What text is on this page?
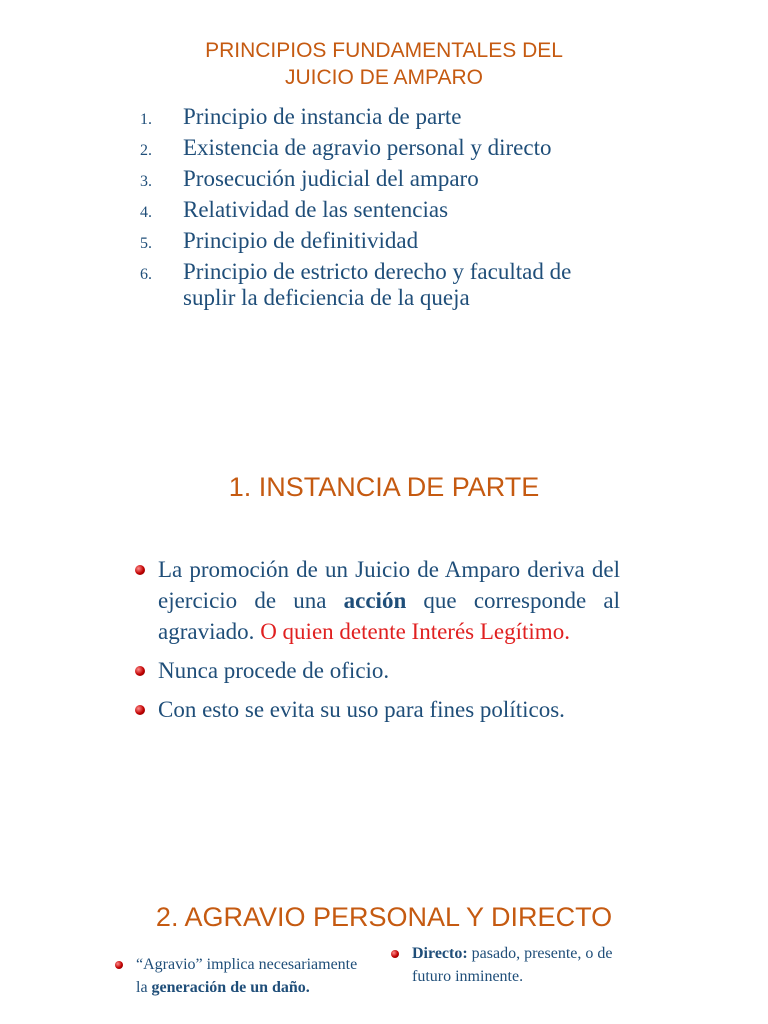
PRINCIPIOS FUNDAMENTALES DEL
JUICIO DE AMPARO
1. Principio de instancia de parte
2. Existencia de agravio personal y directo
3. Prosecución judicial del amparo
4. Relatividad de las sentencias
5. Principio de definitividad
6. Principio de estricto derecho y facultad de suplir la deficiencia de la queja
1. INSTANCIA DE PARTE
La promoción de un Juicio de Amparo deriva del ejercicio de una acción que corresponde al agraviado. O quien detente Interés Legítimo.
Nunca procede de oficio.
Con esto se evita su uso para fines políticos.
2. AGRAVIO PERSONAL Y DIRECTO
“Agravio” implica necesariamente la generación de un daño.
Directo: pasado, presente, o de futuro inminente.
